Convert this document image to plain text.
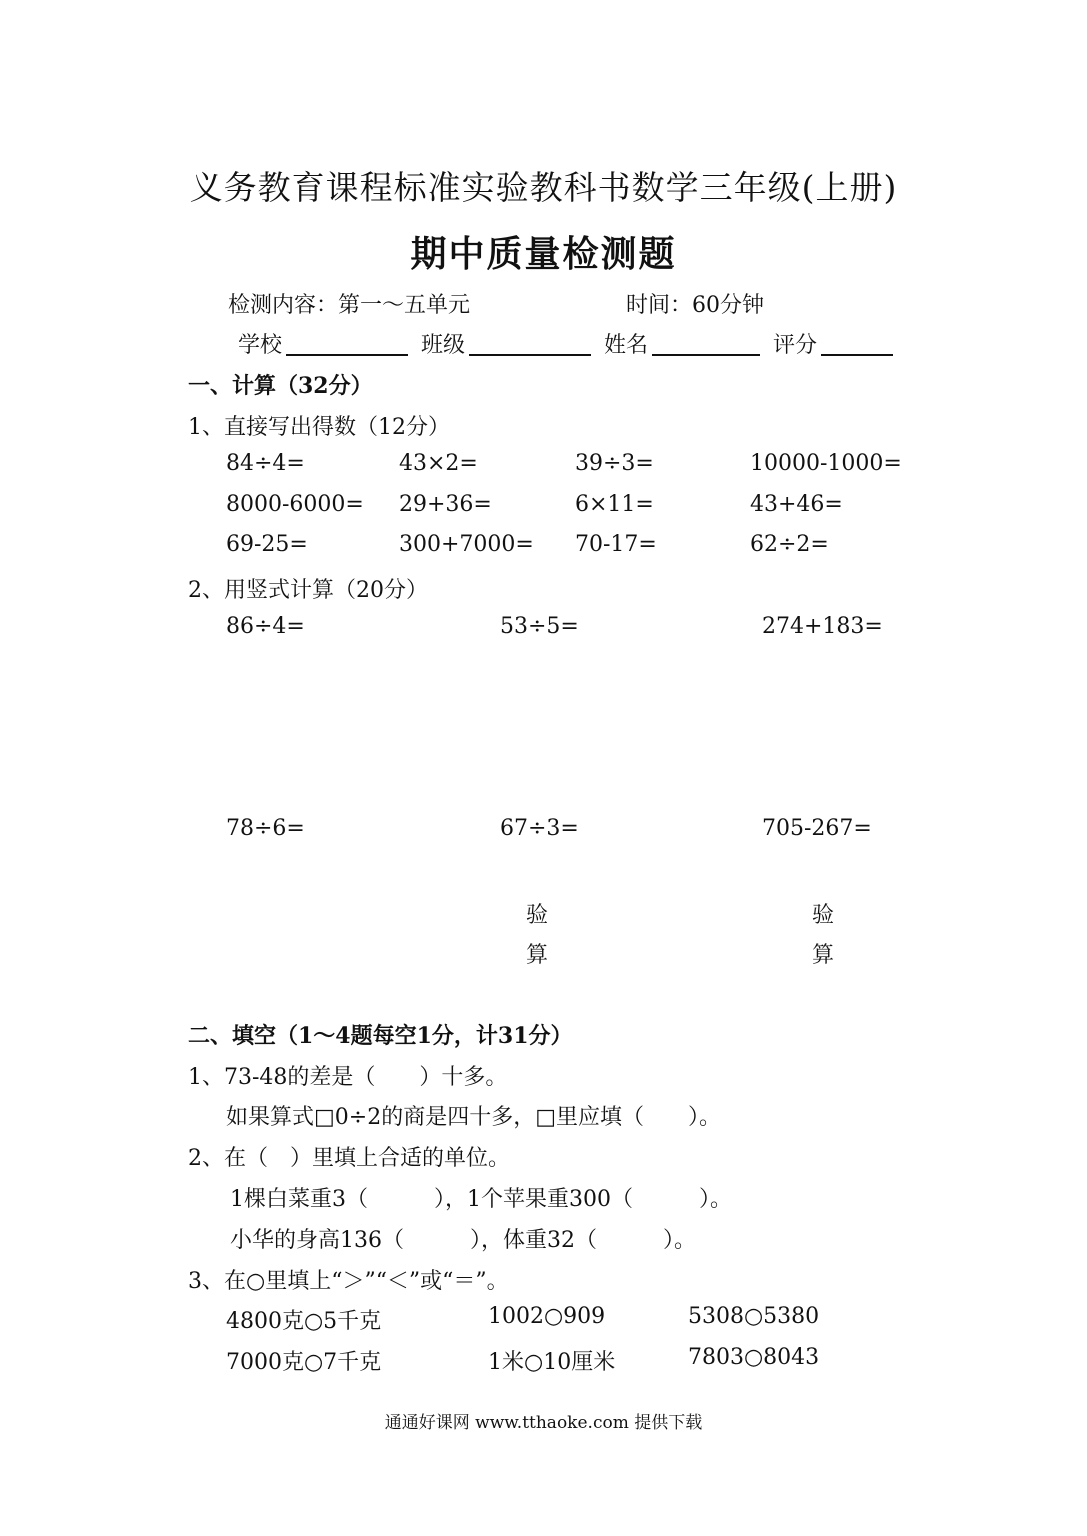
义务教育课程标准实验教科书数学三年级(上册)
期中质量检测题
检测内容：第一～五单元	时间：60分钟
学校	班级	姓名	评分
一、计算（32分）
1、直接写出得数（12分）
84÷4=	43×2=	39÷3=	10000-1000=
8000-6000= 29+36=	6×11=	43+46=
69-25=	300+7000= 70-17=	62÷2=
2、用竖式计算（20分）
86÷4=	53÷5=	274+183=
78÷6=	67÷3=	705-267=
验
算
验
算
二、填空（1～4题每空1分，计31分）
1、73-48的差是（　　）十多。
如果算式□0÷2的商是四十多，□里应填（　　）。
2、在（　）里填上合适的单位。
1棵白菜重3（　　　），1个苹果重300（　　　）。
小华的身高136（　　　），体重32（　　　）。
3、在○里填上“＞”“＜”或“＝”。
4800克○5千克	1002○909	5308○5380
7000克○7千克	1米○10厘米	7803○8043
通通好课网 www.tthaoke.com 提供下载
